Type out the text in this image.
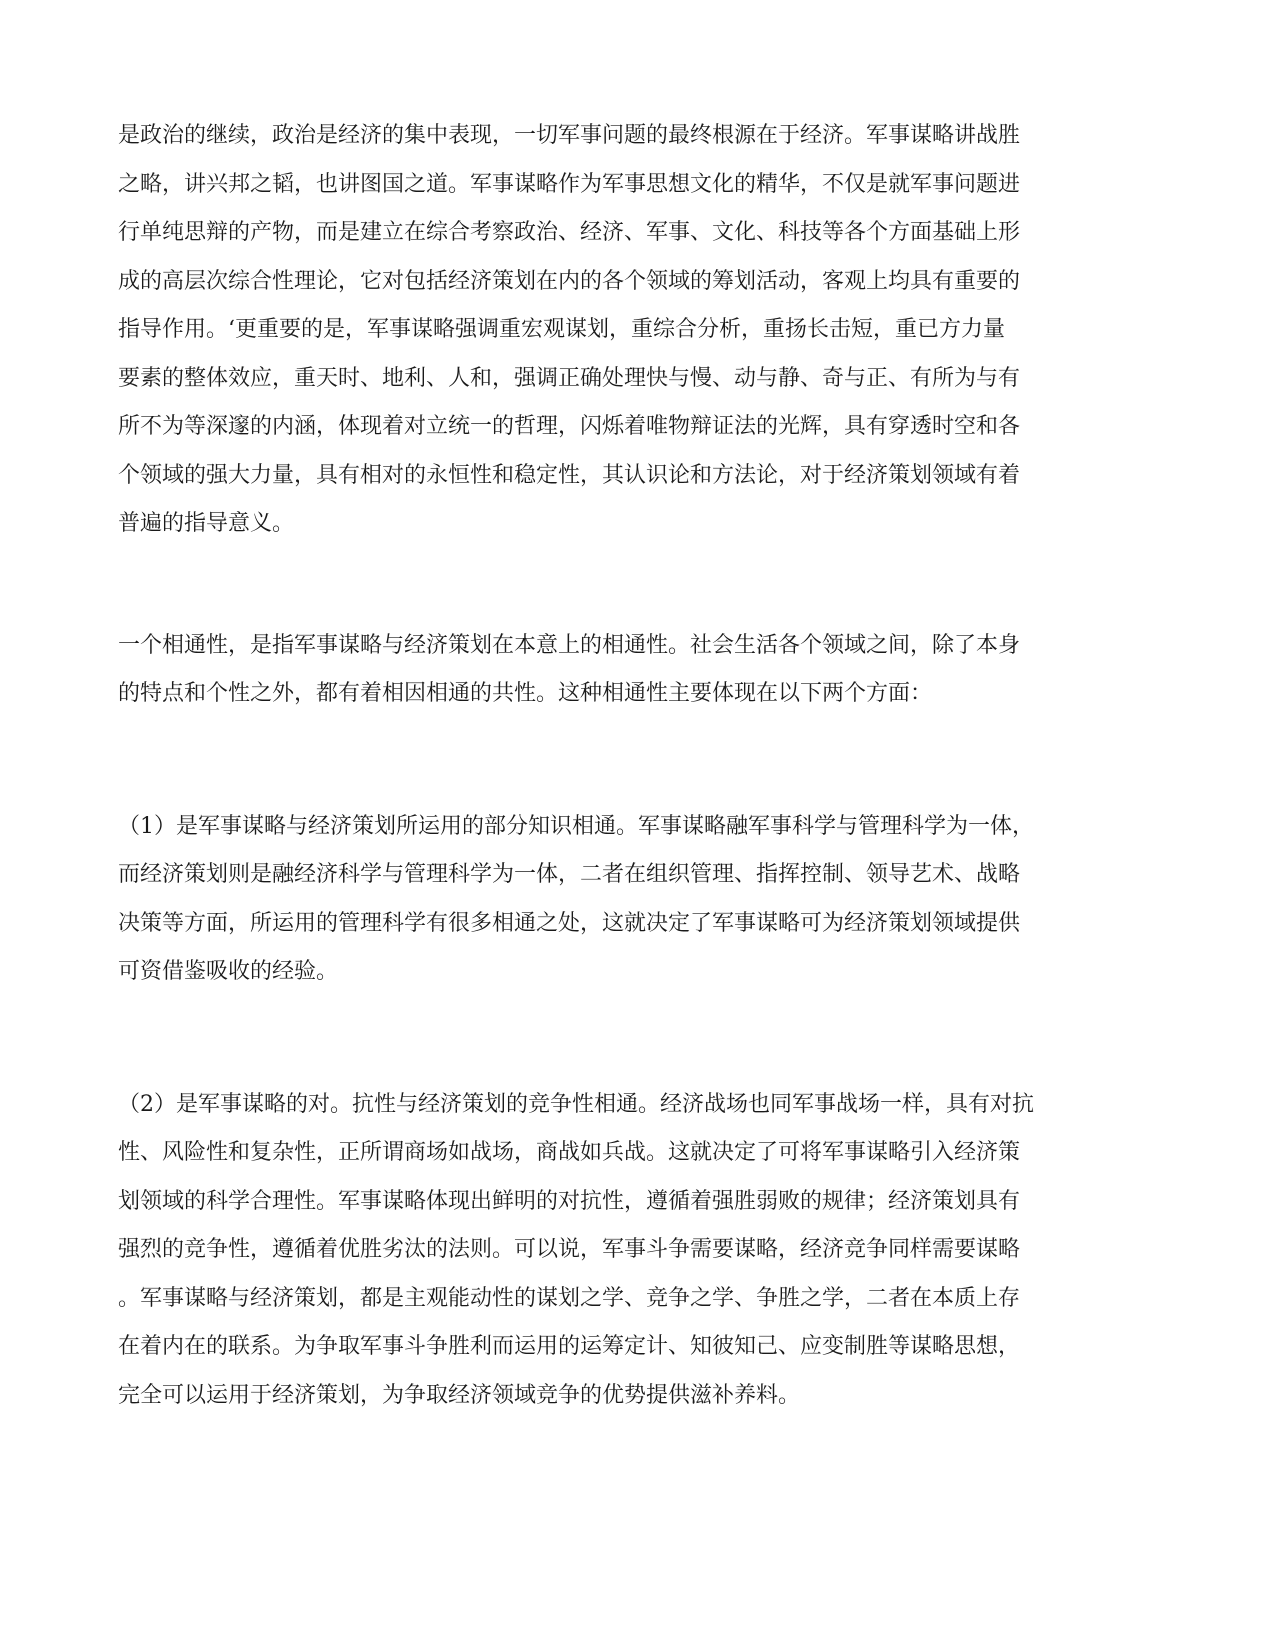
是政治的继续，政治是经济的集中表现，一切军事问题的最终根源在于经济。军事谋略讲战胜
之略，讲兴邦之韬，也讲图国之道。军事谋略作为军事思想文化的精华，不仅是就军事问题进
行单纯思辩的产物，而是建立在综合考察政治、经济、军事、文化、科技等各个方面基础上形
成的高层次综合性理论，它对包括经济策划在内的各个领域的筹划活动，客观上均具有重要的
指导作用。‘更重要的是，军事谋略强调重宏观谋划，重综合分析，重扬长击短，重已方力量
要素的整体效应，重天时、地利、人和，强调正确处理快与慢、动与静、奇与正、有所为与有
所不为等深邃的内涵，体现着对立统一的哲理，闪烁着唯物辩证法的光辉，具有穿透时空和各
个领域的强大力量，具有相对的永恒性和稳定性，其认识论和方法论，对于经济策划领域有着
普遍的指导意义。

一个相通性，是指军事谋略与经济策划在本意上的相通性。社会生活各个领域之间，除了本身
的特点和个性之外，都有着相因相通的共性。这种相通性主要体现在以下两个方面：

（1）是军事谋略与经济策划所运用的部分知识相通。军事谋略融军事科学与管理科学为一体，
而经济策划则是融经济科学与管理科学为一体，二者在组织管理、指挥控制、领导艺术、战略
决策等方面，所运用的管理科学有很多相通之处，这就决定了军事谋略可为经济策划领域提供
可资借鉴吸收的经验。

（2）是军事谋略的对。抗性与经济策划的竞争性相通。经济战场也同军事战场一样，具有对抗
性、风险性和复杂性，正所谓商场如战场，商战如兵战。这就决定了可将军事谋略引入经济策
划领域的科学合理性。军事谋略体现出鲜明的对抗性，遵循着强胜弱败的规律；经济策划具有
强烈的竞争性，遵循着优胜劣汰的法则。可以说，军事斗争需要谋略，经济竞争同样需要谋略
。军事谋略与经济策划，都是主观能动性的谋划之学、竞争之学、争胜之学，二者在本质上存
在着内在的联系。为争取军事斗争胜利而运用的运筹定计、知彼知己、应变制胜等谋略思想，
完全可以运用于经济策划，为争取经济领域竞争的优势提供滋补养料。
